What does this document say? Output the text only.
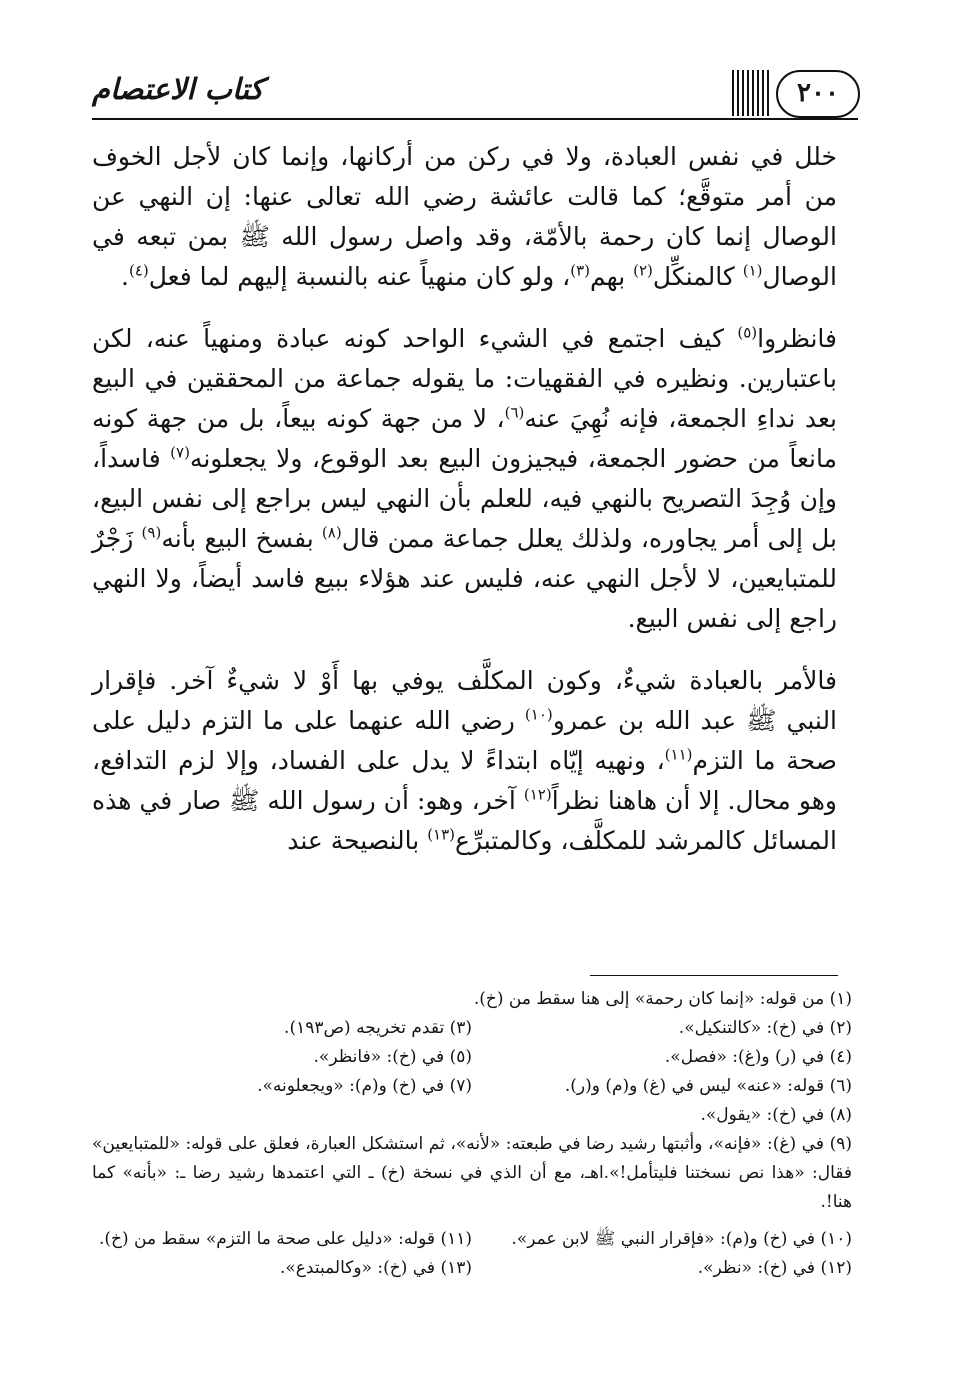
كتاب الاعتصام	٢٠٠

خلل في نفس العبادة، ولا في ركن من أركانها، وإنما كان لأجل الخوف من أمر متوقَّع؛ كما قالت عائشة رضي الله تعالى عنها: إن النهي عن الوصال إنما كان رحمة بالأمّة، وقد واصل رسول الله ﷺ بمن تبعه في الوصال$^{(١)}$ كالمنكِّل$^{(٢)}$ بهم$^{(٣)}$، ولو كان منهياً عنه بالنسبة إليهم لما فعل$^{(٤)}$.

فانظروا$^{(٥)}$ كيف اجتمع في الشيء الواحد كونه عبادة ومنهياً عنه، لكن باعتبارين. ونظيره في الفقهيات: ما يقوله جماعة من المحققين في البيع بعد نداءِ الجمعة، فإنه نُهِيَ عنه$^{(٦)}$، لا من جهة كونه بيعاً، بل من جهة كونه مانعاً من حضور الجمعة، فيجيزون البيع بعد الوقوع، ولا يجعلونه$^{(٧)}$ فاسداً، وإن وُجِدَ التصريح بالنهي فيه، للعلم بأن النهي ليس براجع إلى نفس البيع، بل إلى أمر يجاوره، ولذلك يعلل جماعة ممن قال$^{(٨)}$ بفسخ البيع بأنه$^{(٩)}$ زَجْرٌ للمتبايعين، لا لأجل النهي عنه، فليس عند هؤلاء ببيع فاسد أيضاً، ولا النهي راجع إلى نفس البيع.

فالأمر بالعبادة شيءٌ، وكون المكلَّف يوفي بها أَوْ لا شيءٌ آخر. فإقرار النبي ﷺ عبد الله بن عمرو$^{(١٠)}$ رضي الله عنهما على ما التزم دليل على صحة ما التزم$^{(١١)}$، ونهيه إيّاه ابتداءً لا يدل على الفساد، وإلا لزم التدافع، وهو محال. إلا أن هاهنا نظراً$^{(١٢)}$ آخر، وهو: أن رسول الله ﷺ صار في هذه المسائل كالمرشد للمكلَّف، وكالمتبرِّع$^{(١٣)}$ بالنصيحة عند

(١) من قوله: «إنما كان رحمة» إلى هنا سقط من (خ).
(٢) في (خ): «كالتنكيل».
(٣) تقدم تخريجه (ص١٩٣).
(٤) في (ر) و(غ): «فصل».
(٥) في (خ): «فانظر».
(٦) قوله: «عنه» ليس في (غ) و(م) و(ر).
(٧) في (خ) و(م): «ويجعلونه».
(٨) في (خ): «يقول».
(٩) في (غ): «فإنه»، وأثبتها رشيد رضا في طبعته: «لأنه»، ثم استشكل العبارة، فعلق على قوله: «للمتبايعين» فقال: «هذا نص نسختنا فليتأمل!».اهـ، مع أن الذي في نسخة (خ) ـ التي اعتمدها رشيد رضا ـ: «بأنه» كما هنا!.
(١٠) في (خ) و(م): «فإقرار النبي ﷺ لابن عمر».
(١١) قوله: «دليل على صحة ما التزم» سقط من (خ).
(١٢) في (خ): «نظر».
(١٣) في (خ): «وكالمبتدع».
